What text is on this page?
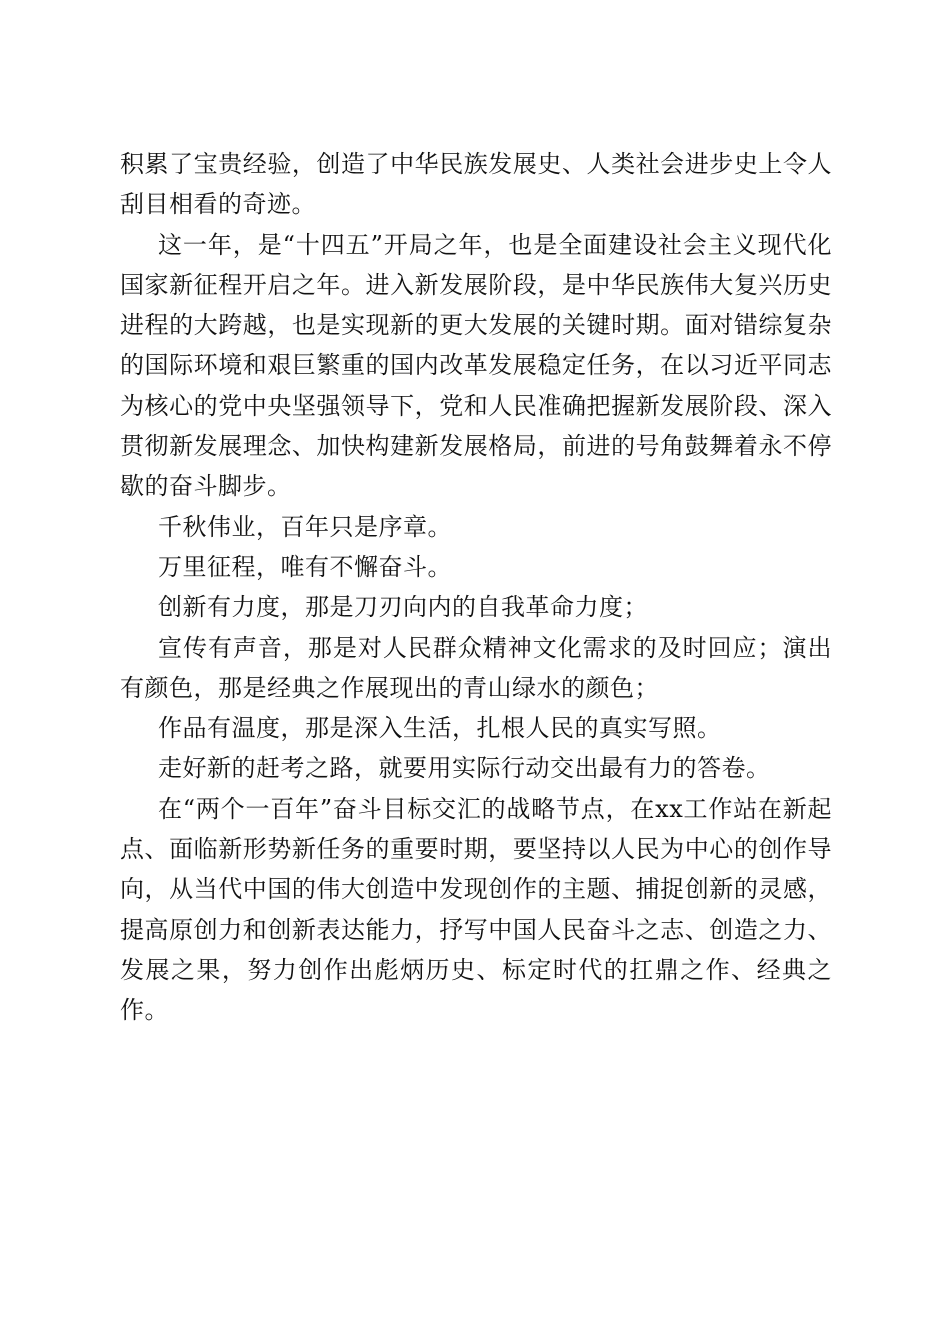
积累了宝贵经验，创造了中华民族发展史、人类社会进步史上令人刮目相看的奇迹。

这一年，是“十四五”开局之年，也是全面建设社会主义现代化国家新征程开启之年。进入新发展阶段，是中华民族伟大复兴历史进程的大跨越，也是实现新的更大发展的关键时期。面对错综复杂的国际环境和艰巨繁重的国内改革发展稳定任务，在以习近平同志为核心的党中央坚强领导下，党和人民准确把握新发展阶段、深入贯彻新发展理念、加快构建新发展格局，前进的号角鼓舞着永不停歇的奋斗脚步。

千秋伟业，百年只是序章。

万里征程，唯有不懈奋斗。

创新有力度，那是刀刃向内的自我革命力度；

宣传有声音，那是对人民群众精神文化需求的及时回应；演出有颜色，那是经典之作展现出的青山绿水的颜色；

作品有温度，那是深入生活，扎根人民的真实写照。

走好新的赶考之路，就要用实际行动交出最有力的答卷。

在“两个一百年”奋斗目标交汇的战略节点，在xx工作站在新起点、面临新形势新任务的重要时期，要坚持以人民为中心的创作导向，从当代中国的伟大创造中发现创作的主题、捕捉创新的灵感，提高原创力和创新表达能力，抒写中国人民奋斗之志、创造之力、发展之果，努力创作出彪炳历史、标定时代的扛鼎之作、经典之作。
